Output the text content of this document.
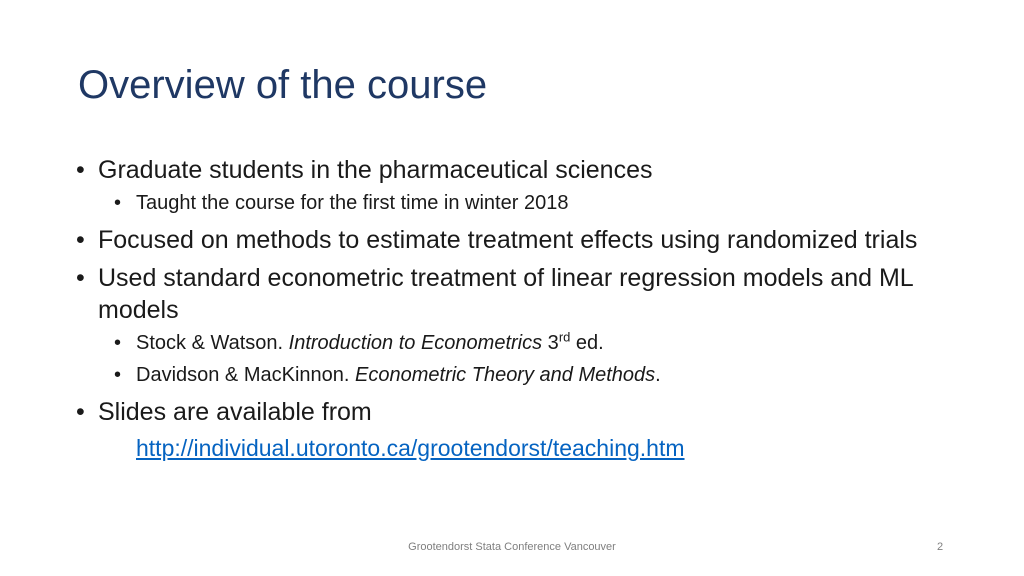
Overview of the course
• Graduate students in the pharmaceutical sciences
• Taught the course for the first time in winter 2018
• Focused on methods to estimate treatment effects using randomized trials
• Used standard econometric treatment of linear regression models and ML models
• Stock & Watson. Introduction to Econometrics 3rd ed.
• Davidson & MacKinnon. Econometric Theory and Methods.
• Slides are available from
http://individual.utoronto.ca/grootendorst/teaching.htm
Grootendorst Stata Conference Vancouver	2
